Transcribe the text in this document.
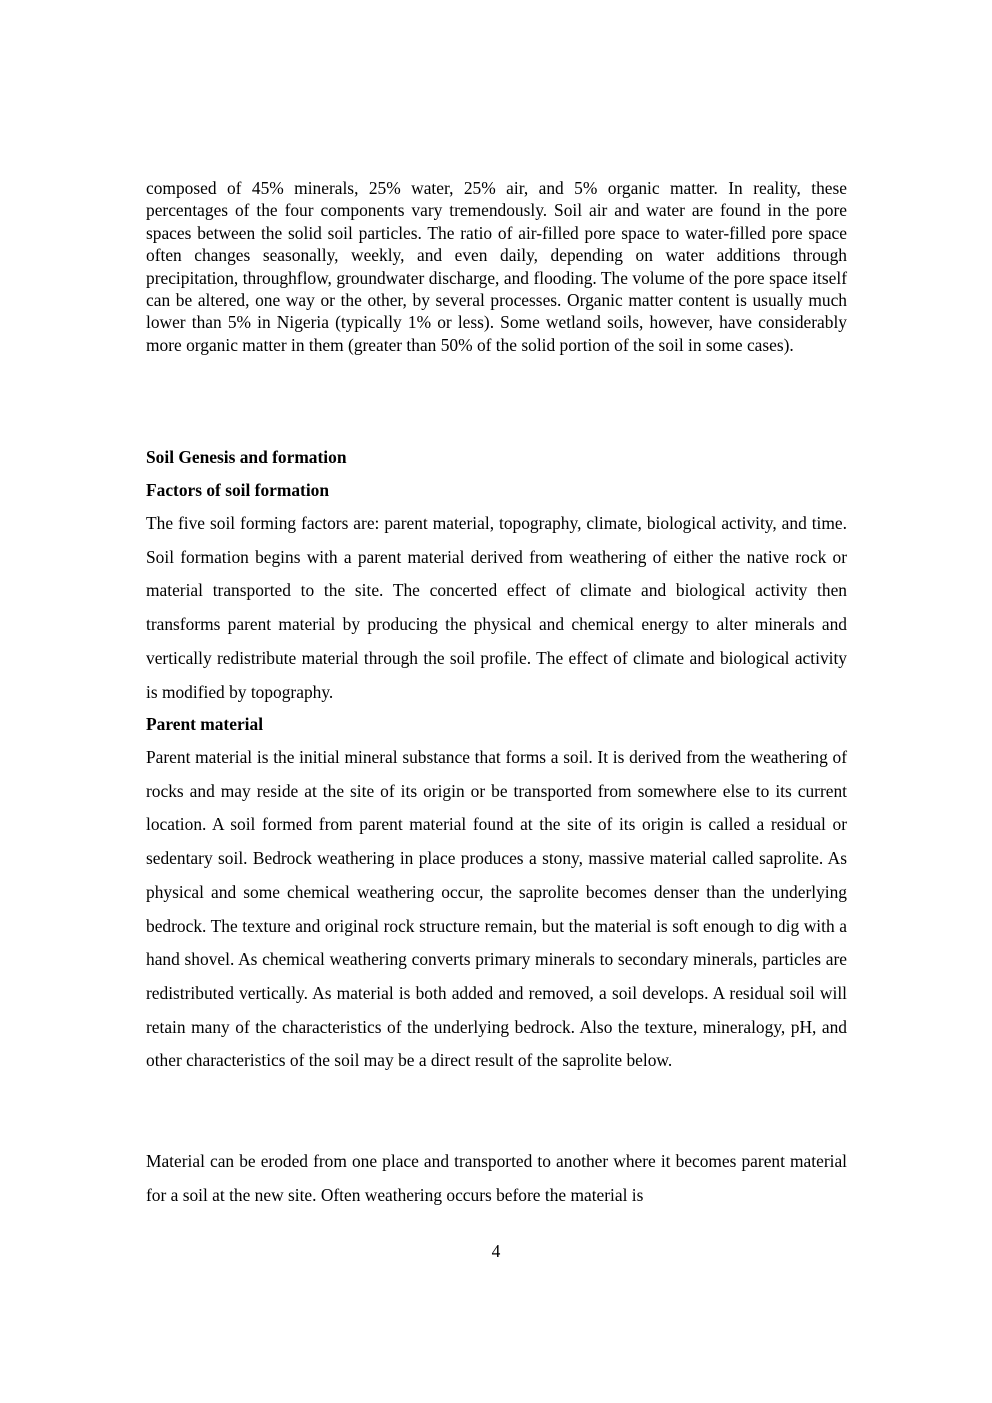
composed of 45% minerals, 25% water, 25% air, and 5% organic matter. In reality, these percentages of the four components vary tremendously. Soil air and water are found in the pore spaces between the solid soil particles. The ratio of air-filled pore space to water-filled pore space often changes seasonally, weekly, and even daily, depending on water additions through precipitation, throughflow, groundwater discharge, and flooding. The volume of the pore space itself can be altered, one way or the other, by several processes. Organic matter content is usually much lower than 5% in Nigeria (typically 1% or less). Some wetland soils, however, have considerably more organic matter in them (greater than 50% of the solid portion of the soil in some cases).

Soil Genesis and formation

Factors of soil formation

The five soil forming factors are: parent material, topography, climate, biological activity, and time. Soil formation begins with a parent material derived from weathering of either the native rock or material transported to the site. The concerted effect of climate and biological activity then transforms parent material by producing the physical and chemical energy to alter minerals and vertically redistribute material through the soil profile. The effect of climate and biological activity is modified by topography.

Parent material

Parent material is the initial mineral substance that forms a soil. It is derived from the weathering of rocks and may reside at the site of its origin or be transported from somewhere else to its current location. A soil formed from parent material found at the site of its origin is called a residual or sedentary soil. Bedrock weathering in place produces a stony, massive material called saprolite. As physical and some chemical weathering occur, the saprolite becomes denser than the underlying bedrock. The texture and original rock structure remain, but the material is soft enough to dig with a hand shovel. As chemical weathering converts primary minerals to secondary minerals, particles are redistributed vertically. As material is both added and removed, a soil develops. A residual soil will retain many of the characteristics of the underlying bedrock. Also the texture, mineralogy, pH, and other characteristics of the soil may be a direct result of the saprolite below.

Material can be eroded from one place and transported to another where it becomes parent material for a soil at the new site. Often weathering occurs before the material is

4
